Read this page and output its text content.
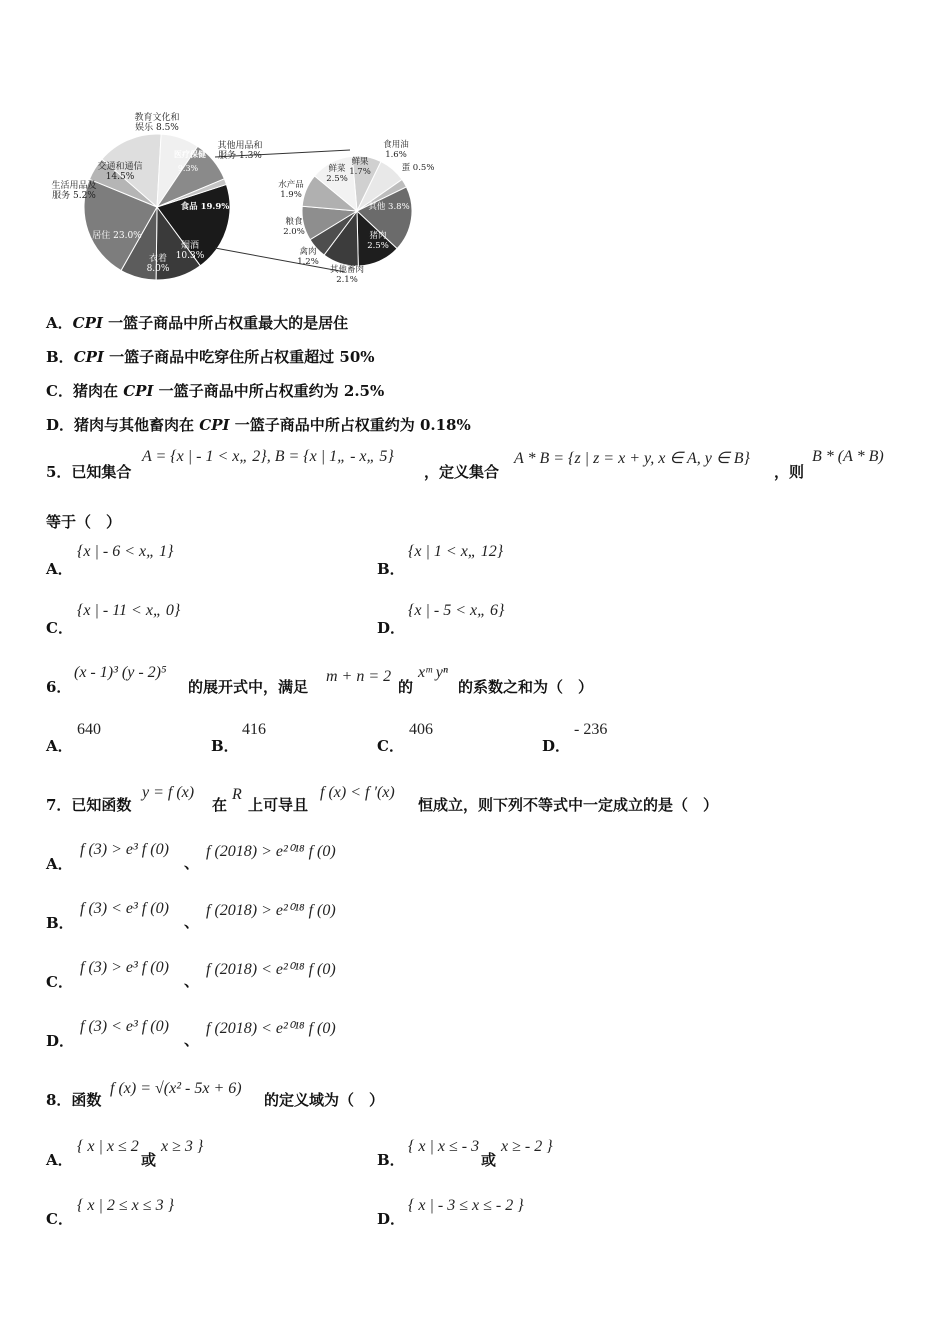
教育文化和
娱乐 8.5%
其他用品和
服务 1.3%
医疗保健
9.3%
交通和通信
14.5%
生活用品及
服务 5.2%
食品 19.9%
居住 23.0%
衣着
8.0%
烟酒
10.3%
食用油
1.6%
鲜果
1.7%
鲜菜
2.5%
蛋 0.5%
水产品
1.9%
粮食
2.0%
其他 3.8%
猪肉
2.5%
禽肉
1.2%
其他畜肉
2.1%
A．CPI 一篮子商品中所占权重最大的是居住
B．CPI 一篮子商品中吃穿住所占权重超过 50%
C．猪肉在 CPI 一篮子商品中所占权重约为 2.5%
D．猪肉与其他畜肉在 CPI 一篮子商品中所占权重约为 0.18%
5．已知集合
A = {x | - 1 < x„ 2}, B = {x | 1„ - x„ 5}
，定义集合
A * B = {z | z = x + y, x ∈ A, y ∈ B}
，则
B * (A * B)
等于（　）
A．
{x | - 6 < x„ 1}
B．
{x | 1 < x„ 12}
C．
{x | - 11 < x„ 0}
D．
{x | - 5 < x„ 6}
6．
(x - 1)³ (y - 2)⁵
的展开式中，满足
m + n = 2
的
xᵐ yⁿ
的系数之和为（　）
A．
640
B．
416
C．
406
D．
- 236
7．已知函数
y = f (x)
在
R
上可导且
f (x) < f ′(x)
恒成立，则下列不等式中一定成立的是（　）
A．
f (3) > e³ f (0)
、
f (2018) > e²⁰¹⁸ f (0)
B．
f (3) < e³ f (0)
、
f (2018) > e²⁰¹⁸ f (0)
C．
f (3) > e³ f (0)
、
f (2018) < e²⁰¹⁸ f (0)
D．
f (3) < e³ f (0)
、
f (2018) < e²⁰¹⁸ f (0)
8．函数
f (x) = √(x² - 5x + 6)
的定义域为（　）
A．
{ x | x ≤ 2
或
x ≥ 3 }
B．
{ x | x ≤ - 3
或
x ≥ - 2 }
C．
{ x | 2 ≤ x ≤ 3 }
D．
{ x | - 3 ≤ x ≤ - 2 }
